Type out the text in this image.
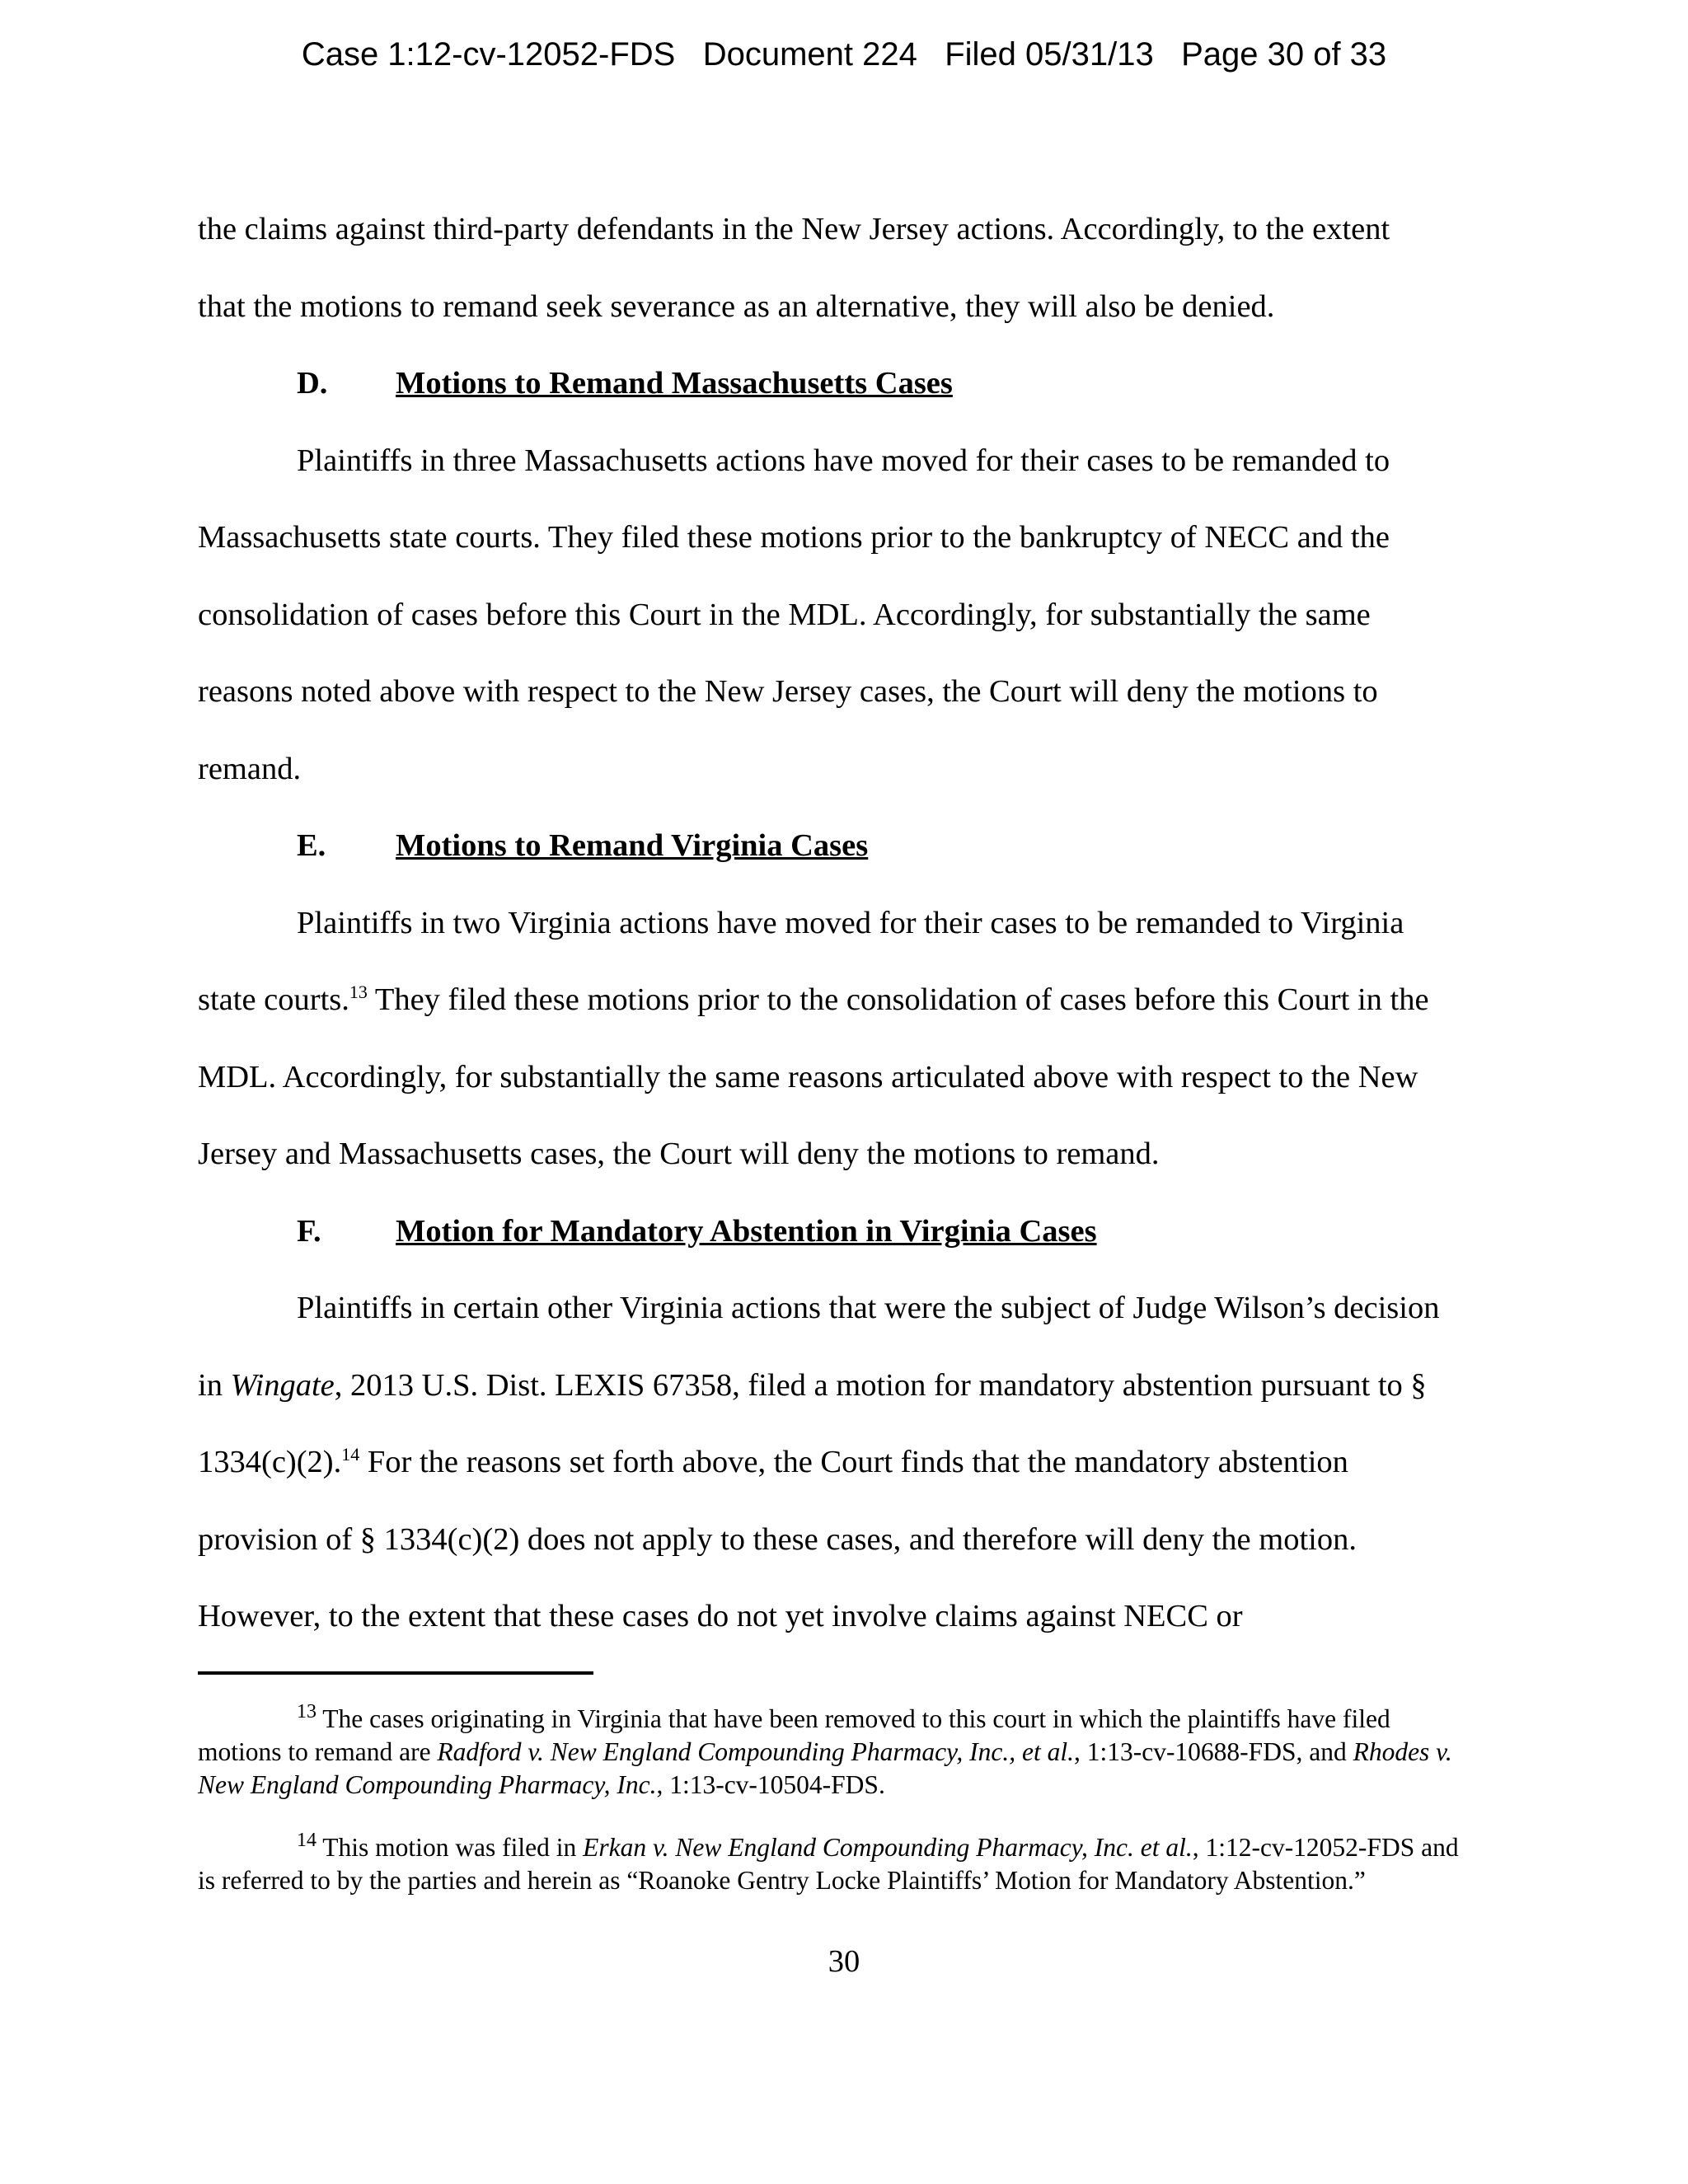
Case 1:12-cv-12052-FDS Document 224 Filed 05/31/13 Page 30 of 33

the claims against third-party defendants in the New Jersey actions. Accordingly, to the extent
that the motions to remand seek severance as an alternative, they will also be denied.

D. Motions to Remand Massachusetts Cases

Plaintiffs in three Massachusetts actions have moved for their cases to be remanded to Massachusetts state courts. They filed these motions prior to the bankruptcy of NECC and the consolidation of cases before this Court in the MDL. Accordingly, for substantially the same reasons noted above with respect to the New Jersey cases, the Court will deny the motions to remand.

E. Motions to Remand Virginia Cases

Plaintiffs in two Virginia actions have moved for their cases to be remanded to Virginia state courts.$^{13}$ They filed these motions prior to the consolidation of cases before this Court in the MDL. Accordingly, for substantially the same reasons articulated above with respect to the New Jersey and Massachusetts cases, the Court will deny the motions to remand.

F. Motion for Mandatory Abstention in Virginia Cases

Plaintiffs in certain other Virginia actions that were the subject of Judge Wilson’s decision in Wingate, 2013 U.S. Dist. LEXIS 67358, filed a motion for mandatory abstention pursuant to § 1334(c)(2).$^{14}$ For the reasons set forth above, the Court finds that the mandatory abstention provision of § 1334(c)(2) does not apply to these cases, and therefore will deny the motion. However, to the extent that these cases do not yet involve claims against NECC or

$^{13}$ The cases originating in Virginia that have been removed to this court in which the plaintiffs have filed motions to remand are Radford v. New England Compounding Pharmacy, Inc., et al., 1:13-cv-10688-FDS, and Rhodes v. New England Compounding Pharmacy, Inc., 1:13-cv-10504-FDS.

$^{14}$ This motion was filed in Erkan v. New England Compounding Pharmacy, Inc. et al., 1:12-cv-12052-FDS and is referred to by the parties and herein as “Roanoke Gentry Locke Plaintiffs’ Motion for Mandatory Abstention.”

30
